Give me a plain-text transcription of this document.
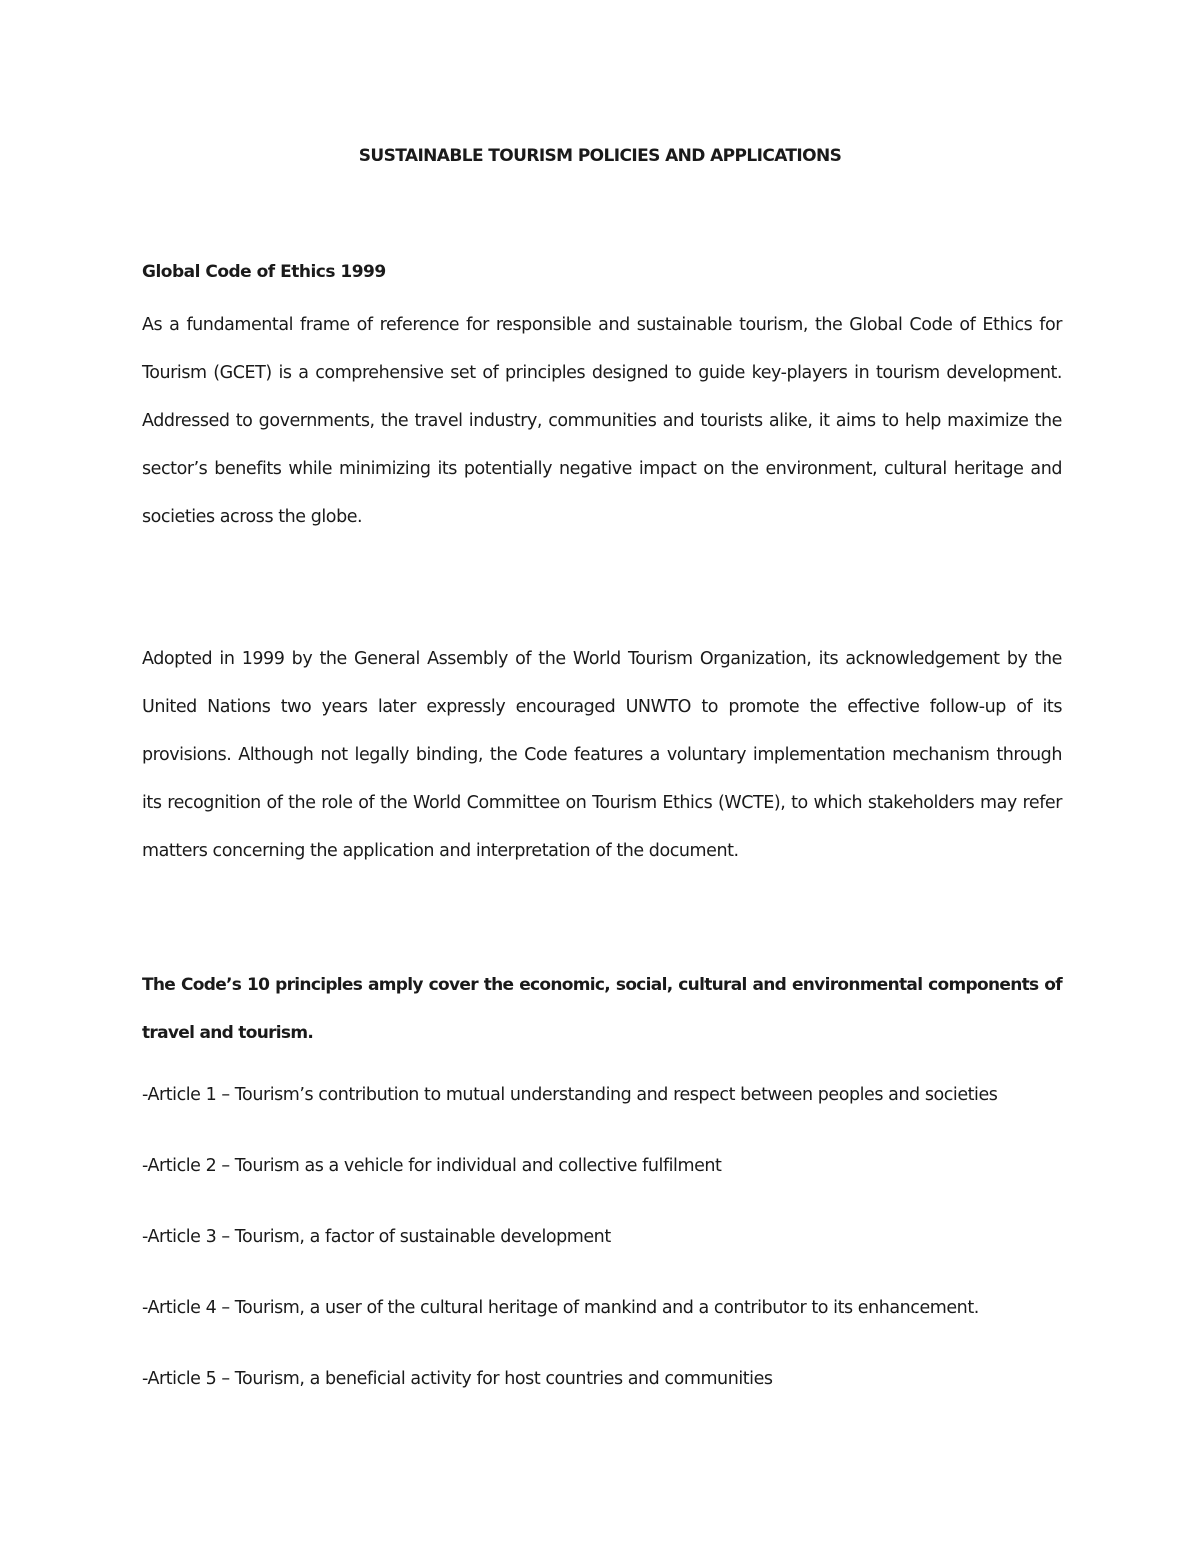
SUSTAINABLE TOURISM POLICIES AND APPLICATIONS
Global Code of Ethics 1999

As a fundamental frame of reference for responsible and sustainable tourism, the Global Code of Ethics for Tourism (GCET) is a comprehensive set of principles designed to guide key-players in tourism development. Addressed to governments, the travel industry, communities and tourists alike, it aims to help maximize the sector’s benefits while minimizing its potentially negative impact on the environment, cultural heritage and societies across the globe.

Adopted in 1999 by the General Assembly of the World Tourism Organization, its acknowledgement by the United Nations two years later expressly encouraged UNWTO to promote the effective follow-up of its provisions. Although not legally binding, the Code features a voluntary implementation mechanism through its recognition of the role of the World Committee on Tourism Ethics (WCTE), to which stakeholders may refer matters concerning the application and interpretation of the document.

The Code’s 10 principles amply cover the economic, social, cultural and environmental components of travel and tourism.

-Article 1 – Tourism’s contribution to mutual understanding and respect between peoples and societies
-Article 2 – Tourism as a vehicle for individual and collective fulfilment
-Article 3 – Tourism, a factor of sustainable development
-Article 4 – Tourism, a user of the cultural heritage of mankind and a contributor to its enhancement.
-Article 5 – Tourism, a beneficial activity for host countries and communities
